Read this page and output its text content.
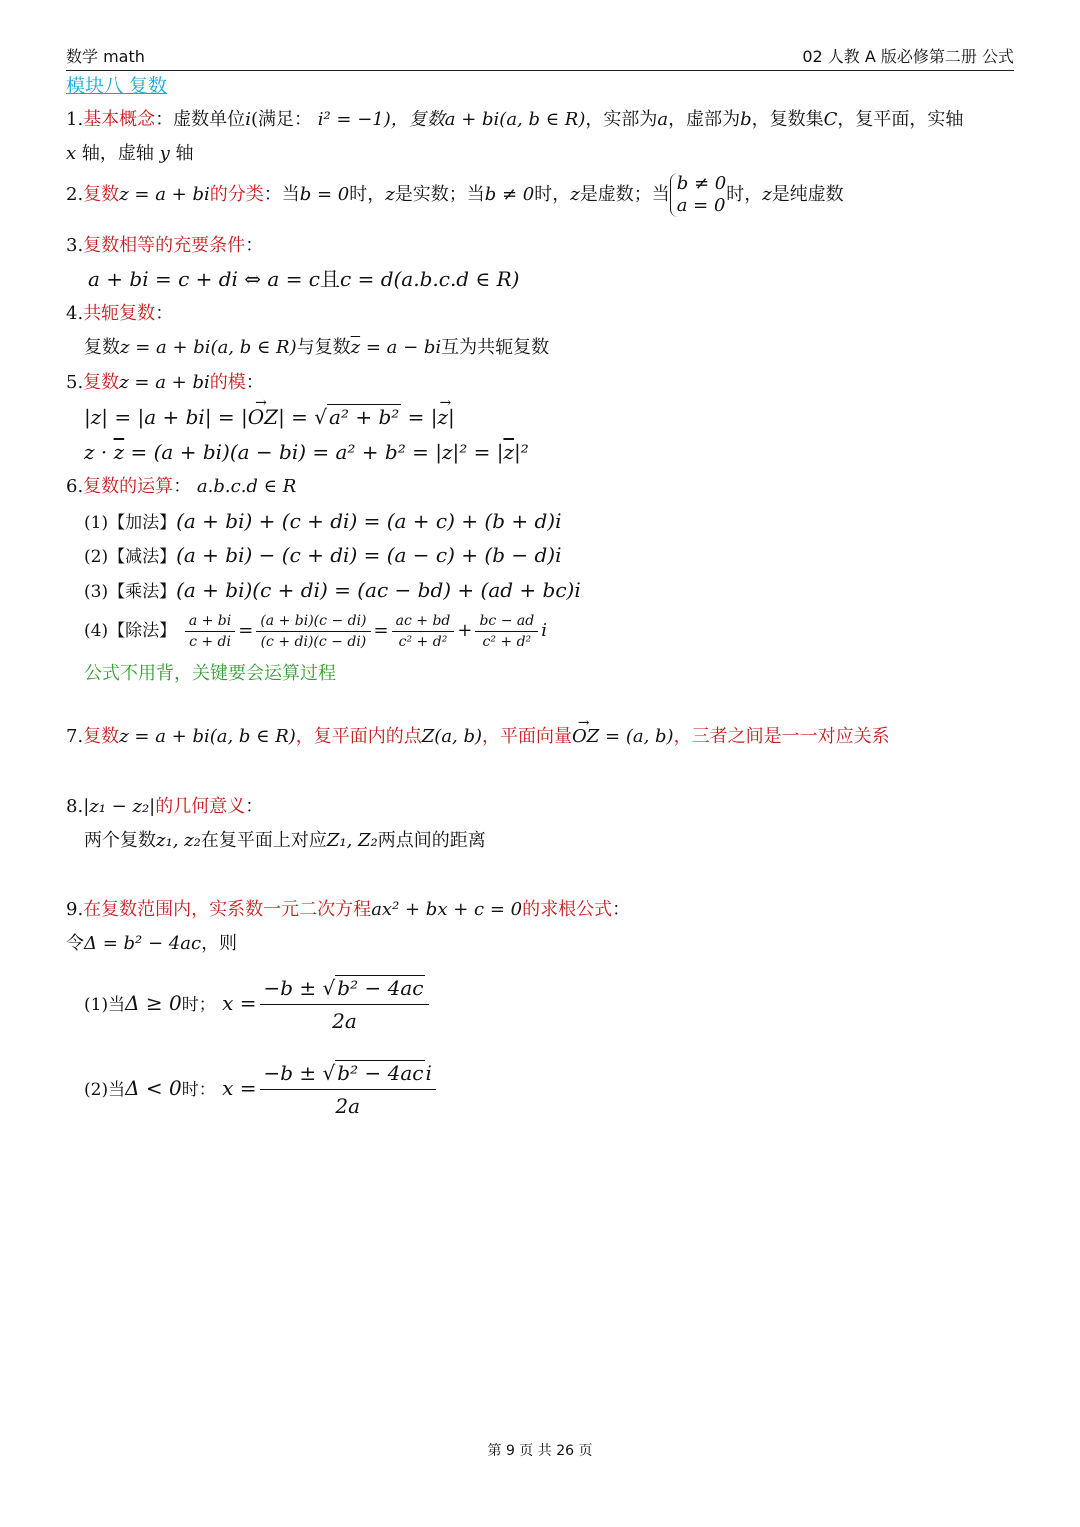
数学 math	02 人教 A 版必修第二册 公式
模块八 复数
1.基本概念：虚数单位i(满足： i² = −1)，复数a + bi(a, b ∈ R)，实部为a，虚部为b，复数集C，复平面，实轴
x 轴，虚轴 y 轴
2.复数z = a + bi的分类：当b = 0时，z是实数；当b ≠ 0时，z是虚数；当b ≠ 0
a = 0时，z是纯虚数
3.复数相等的充要条件：
a + bi = c + di ⇔ a = c且c = d(a.b.c.d ∈ R)
4.共轭复数：
复数z = a + bi(a, b ∈ R)与复数$\overline{z} = a$ − bi互为共轭复数
5.复数z = a + bi的模：
|z| = |a + bi| = |→ OZ| = √ a² + b² = |→ z|
$z \cdot \overline{z} = (a + bi)(a - bi) = a^2 + b^2 = |z|^2 = |\overline{z}|^2$
6.复数的运算： a.b.c.d ∈ R
(1)【加法】(a + bi) + (c + di) = (a + c) + (b + d)i
(2)【减法】(a + bi) − (c + di) = (a − c) + (b − d)i
(3)【乘法】(a + bi)(c + di) = (ac − bd) + (ad + bc)i
(4)【除法】 $\frac{a + bi}{c + di} = \frac{(a + bi)(c - di)}{(c + di)(c - di)} = \frac{ac + bd}{\text{c² + d²}} + \frac{bc - ad}{\text{c² + d²}}$ i
公式不用背，关键要会运算过程
7.复数z = a + bi(a, b ∈ R)，复平面内的点Z(a, b)，平面向量→ OZ = (a, b)，三者之间是一一对应关系
8.|z₁ − z₂|的几何意义：
两个复数z₁, z₂在复平面上对应Z₁, Z₂两点间的距离
9.在复数范围内，实系数一元二次方程ax² + bx + c = 0的求根公式：
令Δ = b² − 4ac，则
(1)当Δ ≥ 0时； $x = \frac{\text{−b ± √ b² − 4ac}}{2a}$
(2)当Δ < 0时： $x = \frac{\text{−b ± √ b² − 4ac i}}{2a}$
第 9 页 共 26 页
